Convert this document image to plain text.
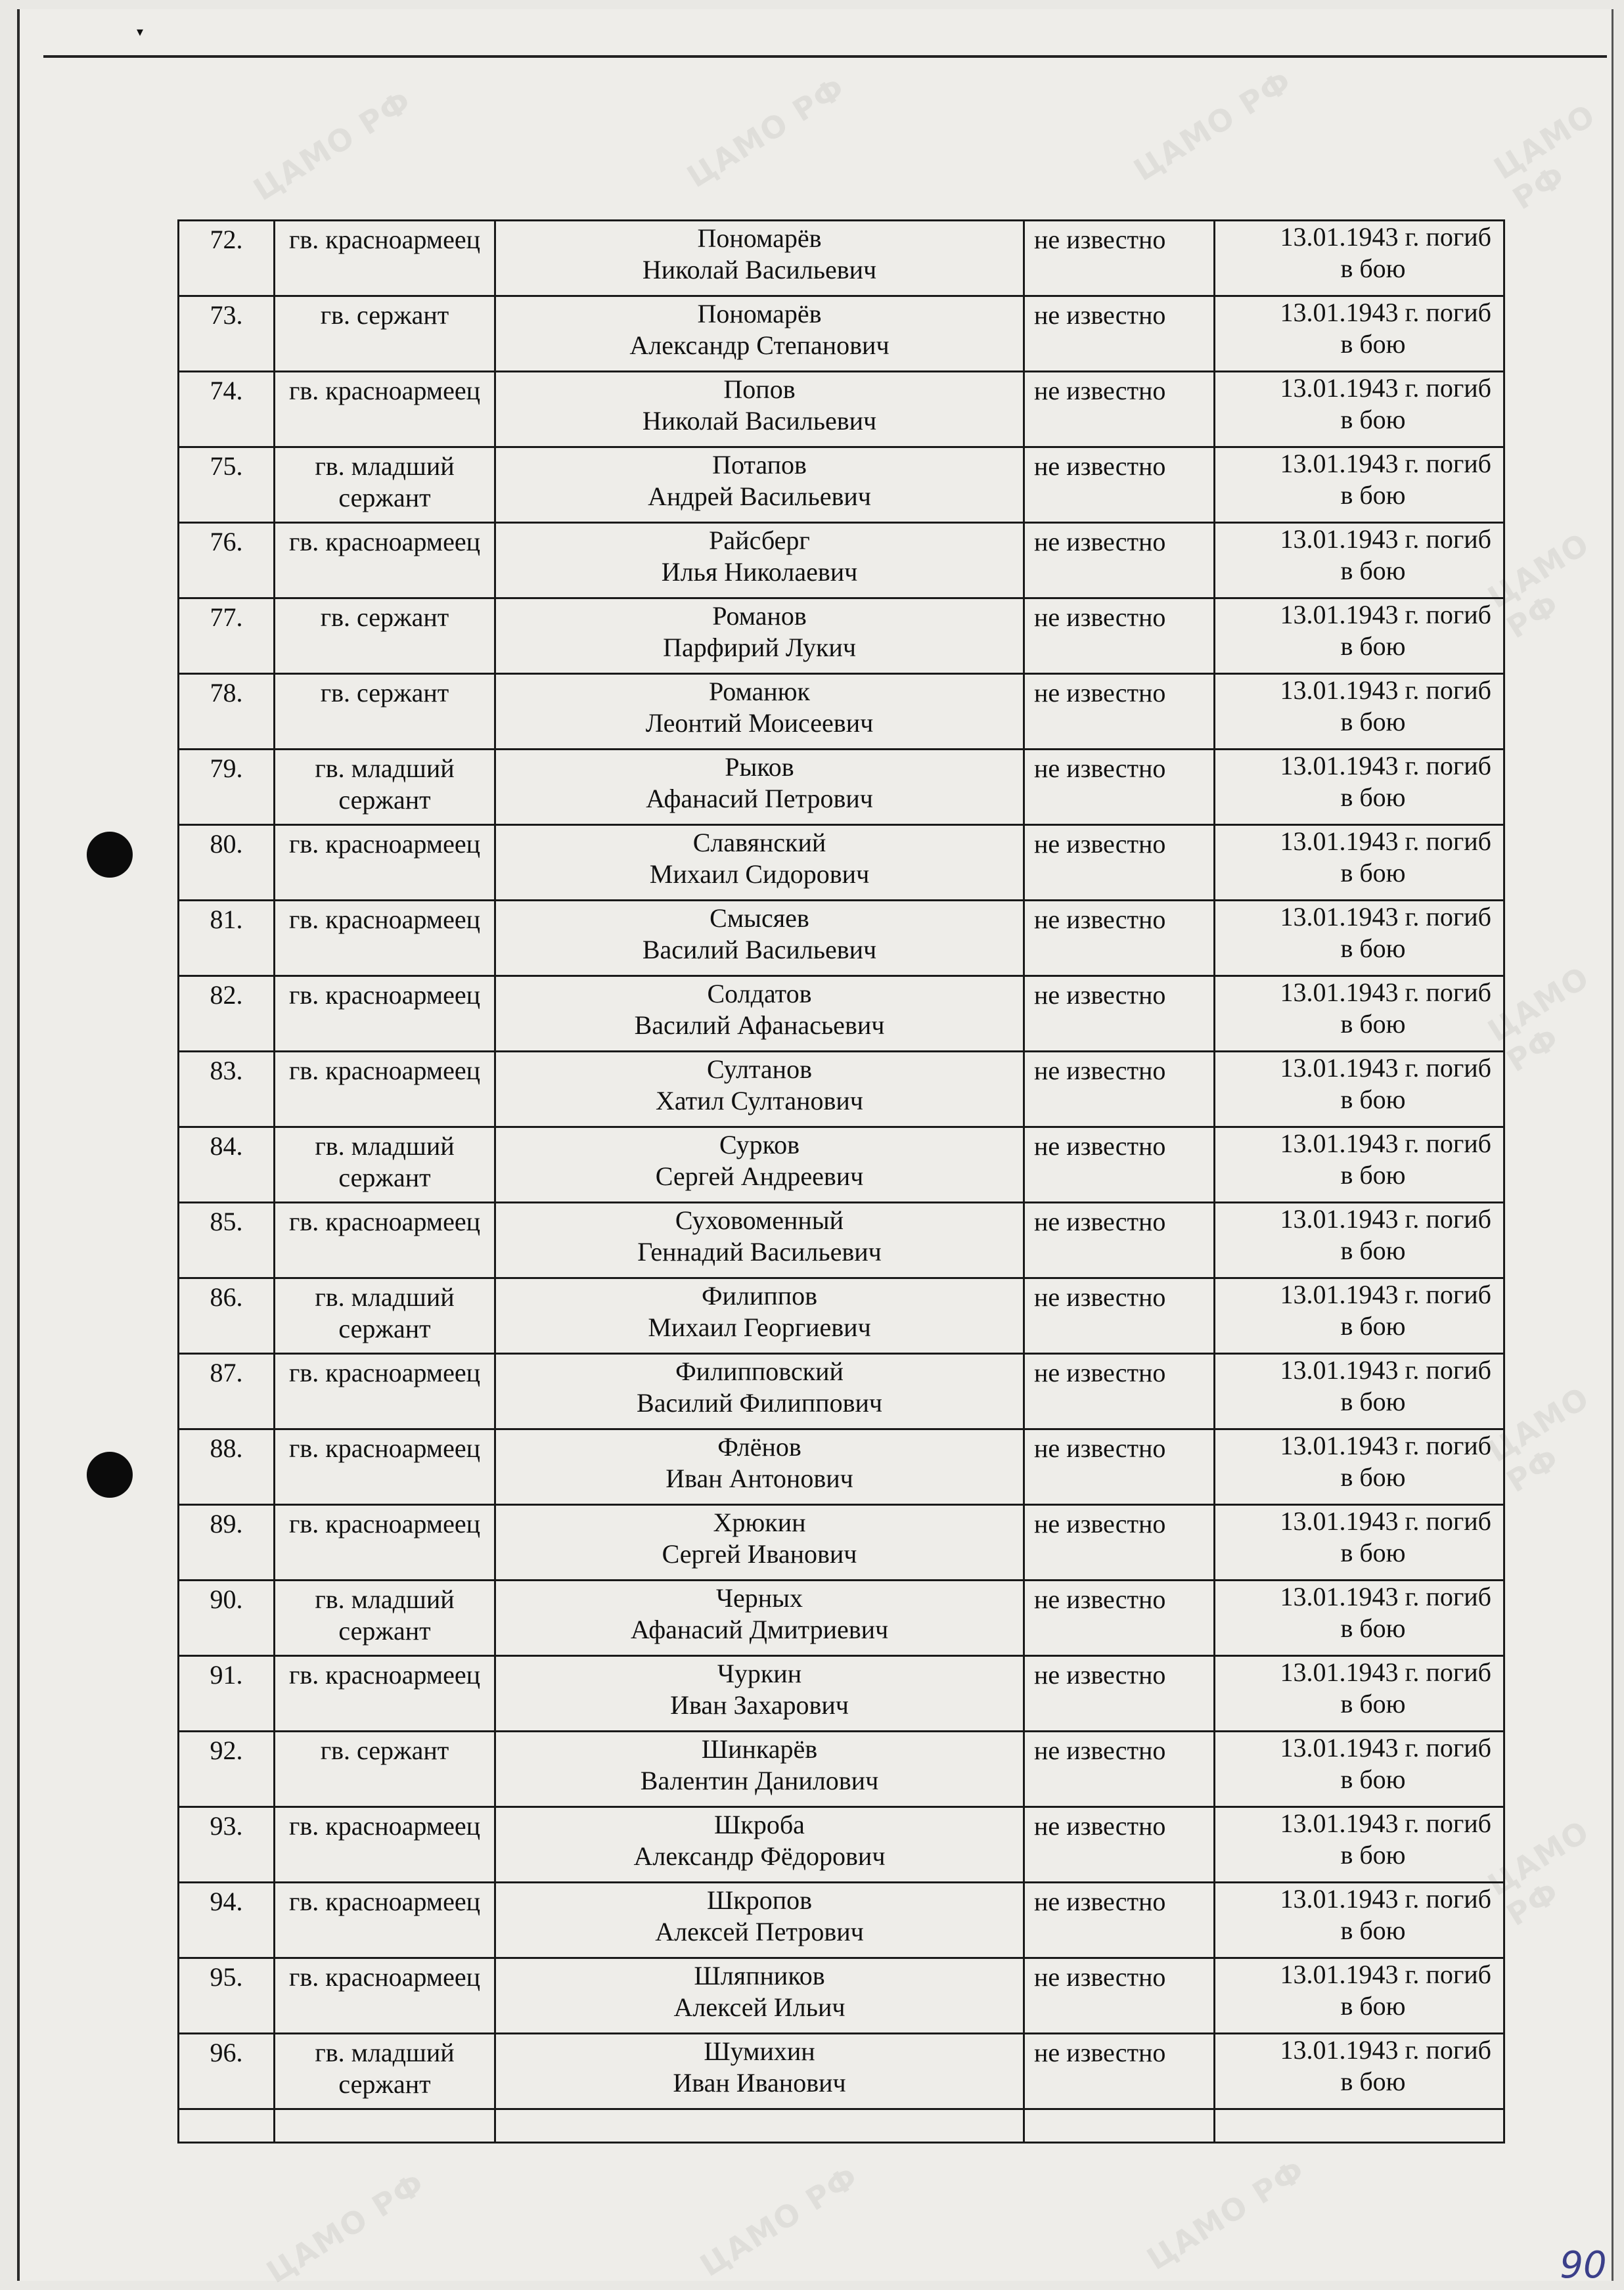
▾
ЦАМО РФ	ЦАМО РФ	ЦАМО РФ	ЦАМО РФ
ЦАМО РФ
ЦАМО РФ
ЦАМО РФ
ЦАМО РФ
ЦАМО РФ	ЦАМО РФ	ЦАМО РФ	90
72.	гв. красноармеец	Пономарёв
Николай Васильевич	не известно	13.01.1943 г. погиб
в бою

73.	гв. сержант	Пономарёв
Александр Степанович	не известно	13.01.1943 г. погиб
в бою

74.	гв. красноармеец	Попов
Николай Васильевич	не известно	13.01.1943 г. погиб
в бою

75.	гв. младший сержант	Потапов
Андрей Васильевич	не известно	13.01.1943 г. погиб
в бою

76.	гв. красноармеец	Райсберг
Илья Николаевич	не известно	13.01.1943 г. погиб
в бою

77.	гв. сержант	Романов
Парфирий Лукич	не известно	13.01.1943 г. погиб
в бою

78.	гв. сержант	Романюк
Леонтий Моисеевич	не известно	13.01.1943 г. погиб
в бою

79.	гв. младший сержант	Рыков
Афанасий Петрович	не известно	13.01.1943 г. погиб
в бою

80.	гв. красноармеец	Славянский
Михаил Сидорович	не известно	13.01.1943 г. погиб
в бою

81.	гв. красноармеец	Смысяев
Василий Васильевич	не известно	13.01.1943 г. погиб
в бою

82.	гв. красноармеец	Солдатов
Василий Афанасьевич	не известно	13.01.1943 г. погиб
в бою

83.	гв. красноармеец	Султанов
Хатил Султанович	не известно	13.01.1943 г. погиб
в бою

84.	гв. младший сержант	Сурков
Сергей Андреевич	не известно	13.01.1943 г. погиб
в бою

85.	гв. красноармеец	Суховоменный
Геннадий Васильевич	не известно	13.01.1943 г. погиб
в бою

86.	гв. младший сержант	Филиппов
Михаил Георгиевич	не известно	13.01.1943 г. погиб
в бою

87.	гв. красноармеец	Филипповский
Василий Филиппович	не известно	13.01.1943 г. погиб
в бою

88.	гв. красноармеец	Флёнов
Иван Антонович	не известно	13.01.1943 г. погиб
в бою

89.	гв. красноармеец	Хрюкин
Сергей Иванович	не известно	13.01.1943 г. погиб
в бою

90.	гв. младший сержант	Черных
Афанасий Дмитриевич	не известно	13.01.1943 г. погиб
в бою

91.	гв. красноармеец	Чуркин
Иван Захарович	не известно	13.01.1943 г. погиб
в бою

92.	гв. сержант	Шинкарёв
Валентин Данилович	не известно	13.01.1943 г. погиб
в бою

93.	гв. красноармеец	Шкроба
Александр Фёдорович	не известно	13.01.1943 г. погиб
в бою

94.	гв. красноармеец	Шкропов
Алексей Петрович	не известно	13.01.1943 г. погиб
в бою

95.	гв. красноармеец	Шляпников
Алексей Ильич	не известно	13.01.1943 г. погиб
в бою

96.	гв. младший сержант	Шумихин
Иван Иванович	не известно	13.01.1943 г. погиб
в бою
